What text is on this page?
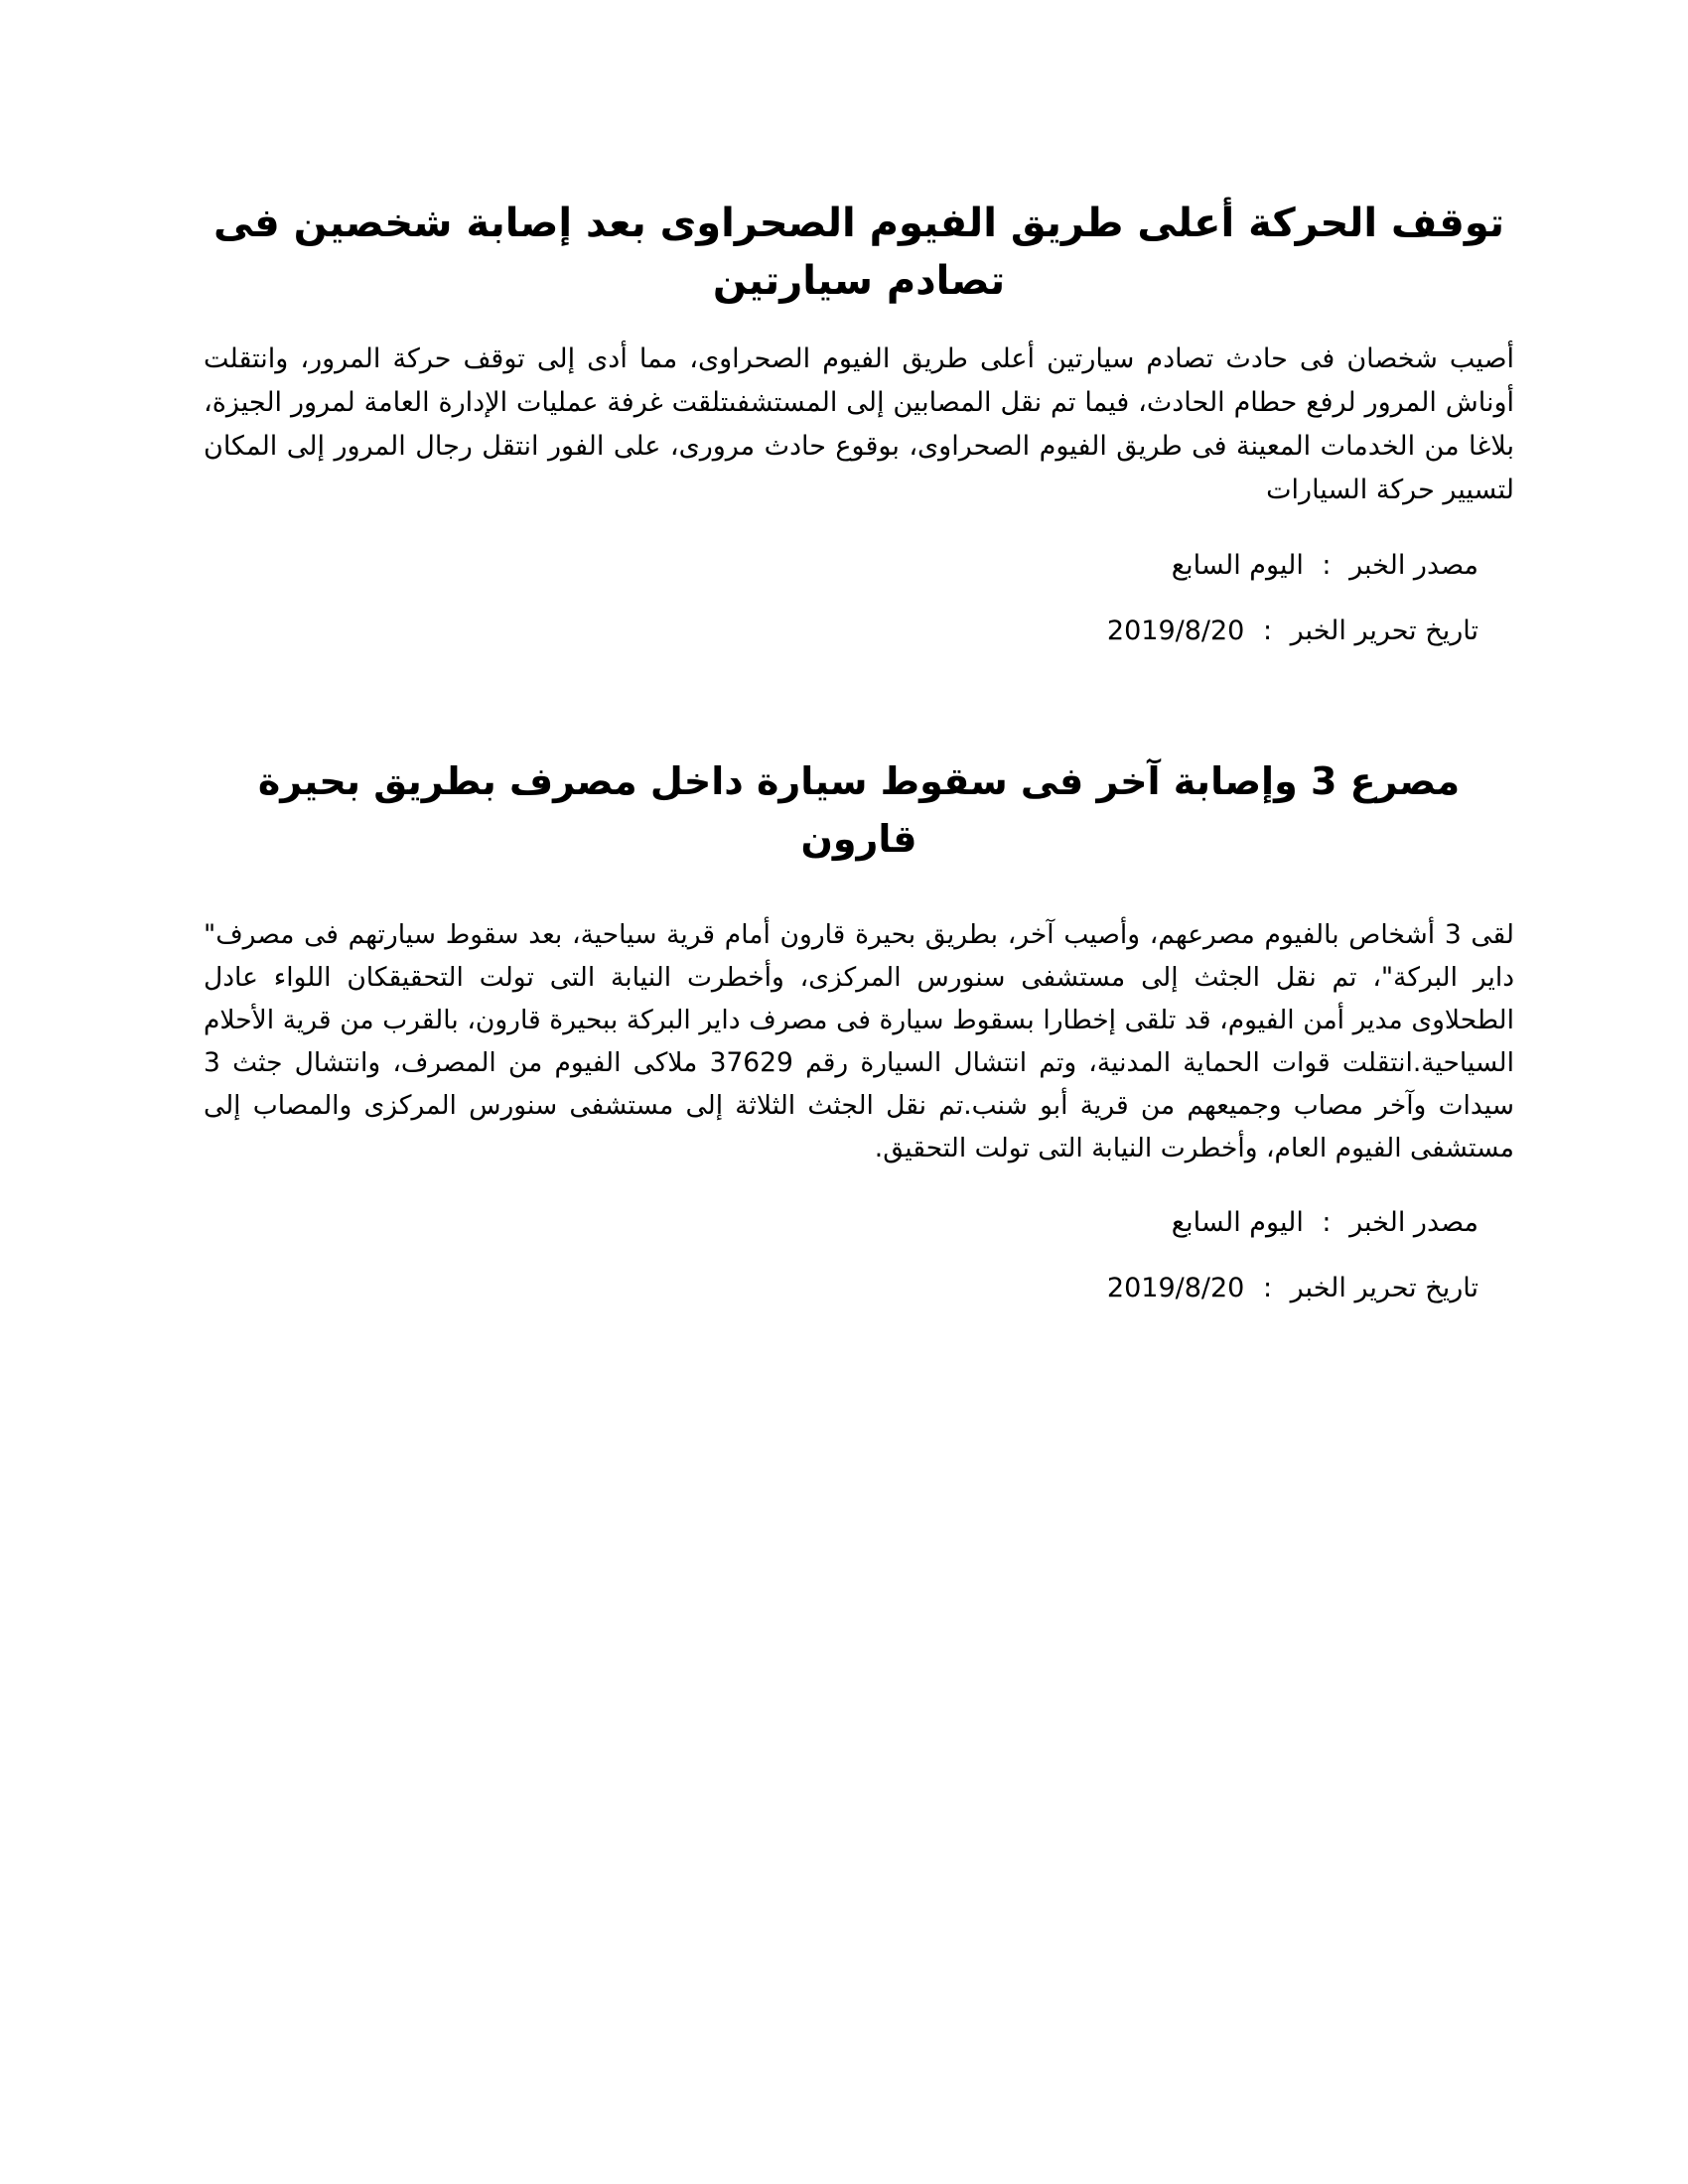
توقف الحركة أعلى طريق الفيوم الصحراوى بعد إصابة شخصين فى تصادم سيارتين

أصيب شخصان فى حادث تصادم سيارتين أعلى طريق الفيوم الصحراوى، مما أدى إلى توقف حركة المرور، وانتقلت أوناش المرور لرفع حطام الحادث، فيما تم نقل المصابين إلى المستشفىتلقت غرفة عمليات الإدارة العامة لمرور الجيزة، بلاغا من الخدمات المعينة فى طريق الفيوم الصحراوى، بوقوع حادث مرورى، على الفور انتقل رجال المرور إلى المكان لتسيير حركة السيارات

مصدر الخبر : اليوم السابع
تاريخ تحرير الخبر : 2019/8/20
مصرع 3 وإصابة آخر فى سقوط سيارة داخل مصرف بطريق بحيرة قارون

لقى 3 أشخاص بالفيوم مصرعهم، وأصيب آخر، بطريق بحيرة قارون أمام قرية سياحية، بعد سقوط سيارتهم فى مصرف" داير البركة"، تم نقل الجثث إلى مستشفى سنورس المركزى، وأخطرت النيابة التى تولت التحقيقكان اللواء عادل الطحلاوى مدير أمن الفيوم، قد تلقى إخطارا بسقوط سيارة فى مصرف داير البركة ببحيرة قارون، بالقرب من قرية الأحلام السياحية.انتقلت قوات الحماية المدنية، وتم انتشال السيارة رقم 37629 ملاكى الفيوم من المصرف، وانتشال جثث 3 سيدات وآخر مصاب وجميعهم من قرية أبو شنب.تم نقل الجثث الثلاثة إلى مستشفى سنورس المركزى والمصاب إلى مستشفى الفيوم العام، وأخطرت النيابة التى تولت التحقيق.

مصدر الخبر : اليوم السابع
تاريخ تحرير الخبر : 2019/8/20
